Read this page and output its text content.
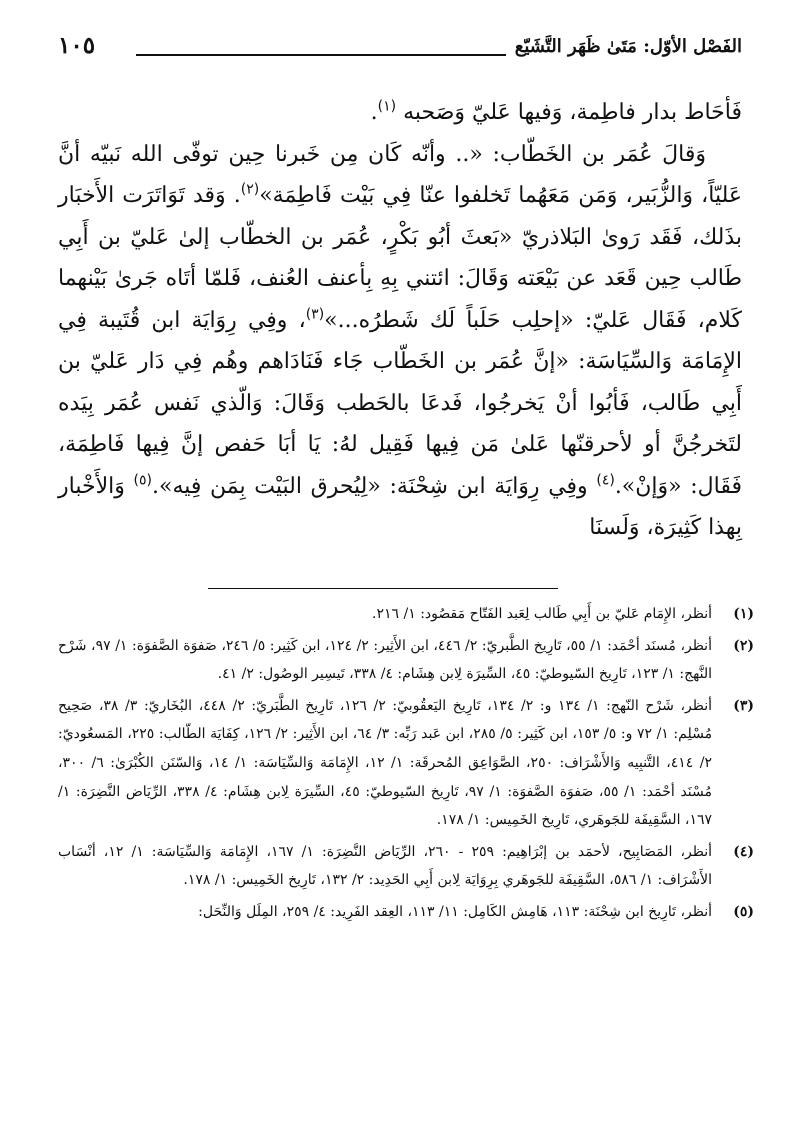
الفَصْل الأوّل: مَتَىٰ ظَهَر التَّشَيّع
١٠٥

فَأحَاط بدار فاطِمة، وَفيها عَليّ وَصَحبه $^{(١)}$.

وَقالَ عُمَر بن الخَطّاب: «.. وأنّه كَان مِن خَبرنا حِين توفّى الله نَبيّه أنَّ عَليّاً، وَالزُّبَير، وَمَن مَعَهُما تَخلفوا عنّا فِي بَيْت فَاطِمَة»$^{(٢)}$. وَقد تَوَاتَرَت الأَخبَار بذَلك، فَقَد رَوىٰ البَلاذريّ «بَعثَ أبُو بَكْرٍ، عُمَر بن الخطّاب إلىٰ عَليّ بن أَبِي طَالب حِين قَعَد عن بَيْعَته وَقَالَ: ائتني بِهِ بِأعنف العُنف، فَلمّا أتَاه جَرىٰ بَيْنهما كَلام، فَقَال عَليّ: «إحلِب حَلَباً لَك شَطرُه...»$^{(٣)}$، وفِي رِوَايَة ابن قُتَيبة فِي الإِمَامَة وَالسِّيَاسَة: «إنَّ عُمَر بن الخَطّاب جَاء فَنَادَاهم وهُم فِي دَار عَليّ بن أَبِي طَالب، فَأبُوا أنْ يَخرجُوا، فَدعَا بالحَطب وَقَالَ: وَالّذي نَفس عُمَر بِيَده لتَخرجُنَّ أو لأحرقنّها عَلىٰ مَن فِيها فَقِيل لهُ: يَا أبَا حَفص إنَّ فِيها فَاطِمَة، فَقَال: «وَإنْ».$^{(٤)}$ وفِي رِوَايَة ابن شِحْنَة: «لِيُحرق البَيْت بِمَن فِيه».$^{(٥)}$ وَالأَخْبار بِهذا كَثِيرَة، وَلَسنَا

(١)
أنظر، الإِمَام عَليّ بن أَبِي طَالب لِعَبد الفَتّاح مَقصُود: ١/ ٢١٦.
(٢)
أنظر، مُسنَد أحْمَد: ١/ ٥٥، تَارِيخ الطَّبريّ: ٢/ ٤٤٦، ابن الأَثِير: ٢/ ١٢٤، ابن كَثِير: ٥/ ٢٤٦، صَفوَة الصَّفوَة: ١/ ٩٧، شَرْح النَّهج: ١/ ١٢٣، تَارِيخ السّيوطيّ: ٤٥، السِّيرَة لِابن هِشَام: ٤/ ٣٣٨، تَيسِير الوصُول: ٢/ ٤١.
(٣)
أنظر، شَرْح النّهج: ١/ ١٣٤ و: ٢/ ١٣٤، تَارِيخ اليَعقُوبيّ: ٢/ ١٢٦، تَارِيخ الطَّبَريّ: ٢/ ٤٤٨، البُخَاريّ: ٣/ ٣٨، صَحِيح مُسْلِم: ١/ ٧٢ و: ٥/ ١٥٣، ابن كَثِير: ٥/ ٢٨٥، ابن عَبد رَبِّه: ٣/ ٦٤، ابن الأَثِير: ٢/ ١٢٦، كِفَايَة الطّالب: ٢٢٥، المَسعُوديّ: ٢/ ٤١٤، التَّنبِيه وَالأَشْرَاف: ٢٥٠، الصَّوَاعِق المُحرقَة: ١/ ١٢، الإِمَامَة وَالسِّيَاسَة: ١/ ١٤، وَالسّنَن الكُبْرَىٰ: ٦/ ٣٠٠، مُسْنَد أحْمَد: ١/ ٥٥، صَفوَة الصَّفوَة: ١/ ٩٧، تَارِيخ السّيوطيّ: ٤٥، السِّيرَة لِابن هِشَام: ٤/ ٣٣٨، الرِّيَاض النَّضِرَة: ١/ ١٦٧، السَّقِيفَة للجَوهَري، تَارِيخ الخَمِيس: ١/ ١٧٨.
(٤)
أنظر، المَصَابِيح، لأحمَد بن إبْرَاهِيم: ٢٥٩ - ٢٦٠، الرِّيَاض النَّضِرَة: ١/ ١٦٧، الإِمَامَة وَالسِّيَاسَة: ١/ ١٢، أنْسَاب الأَشْرَاف: ١/ ٥٨٦، السَّقِيفَة للجَوهَري بِرِوَايَة لِابن أَبِي الحَدِيد: ٢/ ١٣٢، تَارِيخ الخَمِيس: ١/ ١٧٨.
(٥)
أنظر، تَارِيخ ابن شِحْنَة: ١١٣، هَامِش الكَامِل: ١١/ ١١٣، العِقد الفَرِيد: ٤/ ٢٥٩، المِلَل وَالنِّحَل:
